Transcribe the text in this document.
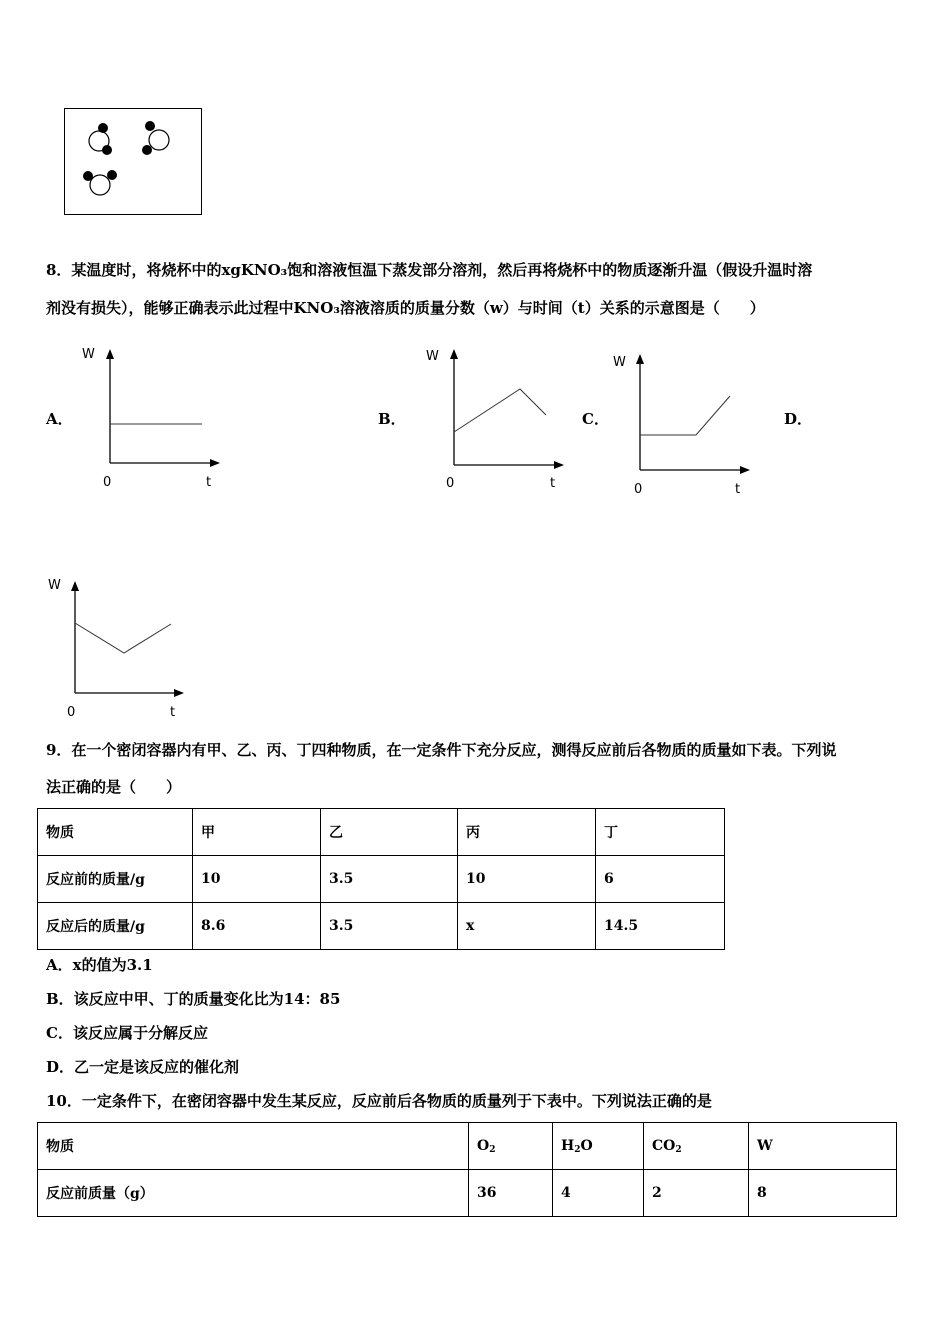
8．某温度时，将烧杯中的xgKNO₃饱和溶液恒温下蒸发部分溶剂，然后再将烧杯中的物质逐渐升温（假设升温时溶
剂没有损失），能够正确表示此过程中KNO₃溶液溶质的质量分数（w）与时间（t）关系的示意图是（　　）
A．	B．	C．	D．
W
0	t
W
0	t
W
0	t
W
0	t
9．在一个密闭容器内有甲、乙、丙、丁四种物质，在一定条件下充分反应，测得反应前后各物质的质量如下表。下列说
法正确的是（　　）
物质	甲	乙	丙	丁
反应前的质量/g	10	3.5	10	6
反应后的质量/g	8.6	3.5	x	14.5
A．x的值为3.1
B．该反应中甲、丁的质量变化比为14：85
C．该反应属于分解反应
D．乙一定是该反应的催化剂
10．一定条件下，在密闭容器中发生某反应，反应前后各物质的质量列于下表中。下列说法正确的是
物质	O2	H2O	CO2	W
反应前质量（g）	36	4	2	8
